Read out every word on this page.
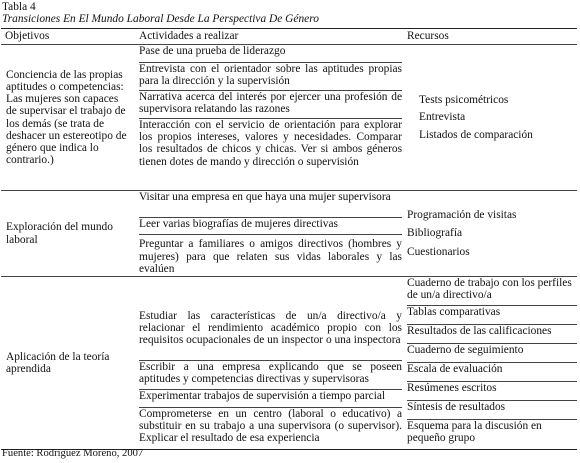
Tabla 4
Transiciones En El Mundo Laboral Desde La Perspectiva De Género
Objetivos	Actividades a realizar	Recursos
Conciencia de las propias aptitudes o competencias: Las mujeres son capaces de supervisar el trabajo de los demás (se trata de deshacer un estereotipo de género que indica lo contrario.)
Pase de una prueba de liderazgo
Entrevista con el orientador sobre las aptitudes propias para la dirección y la supervisión
Narrativa acerca del interés por ejercer una profesión de supervisora relatando las razones
Interacción con el servicio de orientación para explorar los propios intereses, valores y necesidades. Comparar los resultados de chicos y chicas. Ver si ambos géneros tienen dotes de mando y dirección o supervisión
Tests psicométricos
Entrevista
Listados de comparación
Exploración del mundo laboral
Visitar una empresa en que haya una mujer supervisora
Leer varias biografías de mujeres directivas
Preguntar a familiares o amigos directivos (hombres y mujeres) para que relaten sus vidas laborales y las evalúen
Programación de visitas
Bibliografía
Cuestionarios
Aplicación de la teoría aprendida
Estudiar las características de un/a directivo/a y relacionar el rendimiento académico propio con los requisitos ocupacionales de un inspector o una inspectora
Escribir a una empresa explicando que se poseen aptitudes y competencias directivas y supervisoras
Experimentar trabajos de supervisión a tiempo parcial
Comprometerse en un centro (laboral o educativo) a substituir en su trabajo a una supervisora (o supervisor). Explicar el resultado de esa experiencia
Cuaderno de trabajo con los perfiles de un/a directivo/a
Tablas comparativas
Resultados de las calificaciones
Cuaderno de seguimiento
Escala de evaluación
Resúmenes escritos
Síntesis de resultados
Esquema para la discusión en pequeño grupo
Fuente: Rodríguez Moreno, 2007
